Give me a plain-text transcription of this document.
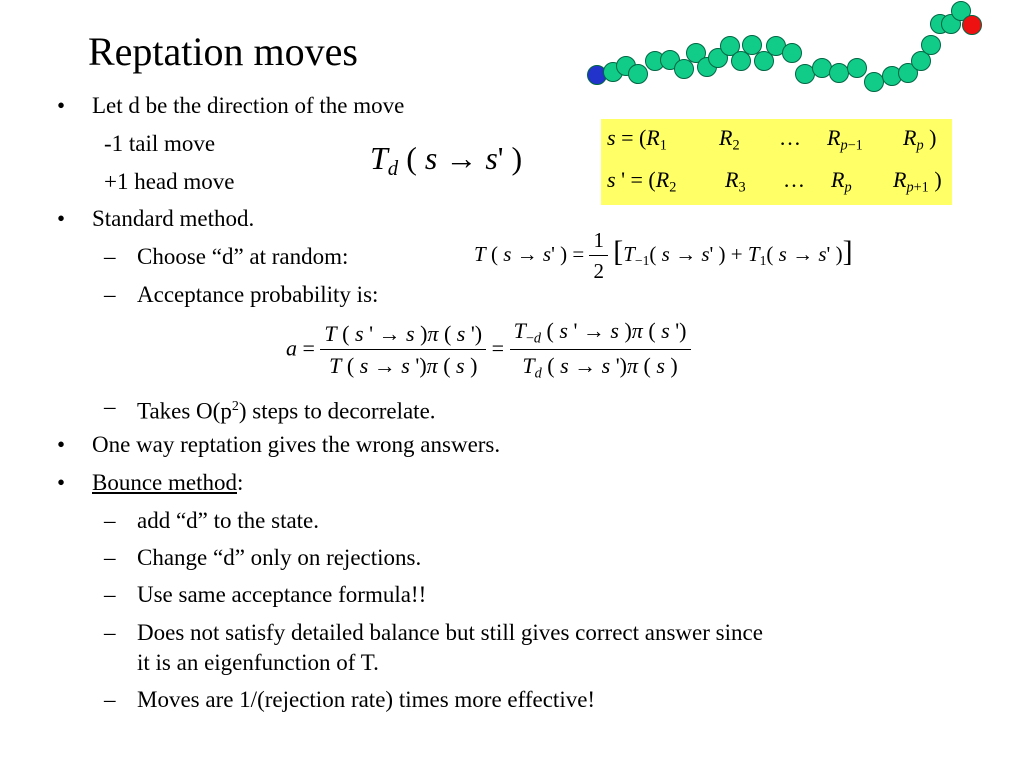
Reptation moves
• Let d be the direction of the move
-1 tail move
+1 head move
$T_d$ ( s → s' )
$s = (R_1$ $R_2$ … $R_{p-1}$ $R_p$ )
s ' = ($R_2$ $R_3$ … $R_p$ $R_{p+1}$ )
• Standard method.
– Choose “d” at random:	T ( s → s' ) = $\frac{1}{2} [T_{-1}$( s → s' ) + $T_1$( s → s' )]
– Acceptance probability is:
$a = \frac{T ( s ' \to s )\pi ( s ')}{T ( s \to s ')\pi ( s )} = \frac{T_{-d} ( s ' \to s )\pi ( s ')}{T_d ( s \to s ')\pi ( s )}$
– Takes $O(p^2)$ steps to decorrelate.
• One way reptation gives the wrong answers.
• Bounce method:
– add “d” to the state.
– Change “d” only on rejections.
– Use same acceptance formula!!
– Does not satisfy detailed balance but still gives correct answer since
it is an eigenfunction of T.
– Moves are 1/(rejection rate) times more effective!
